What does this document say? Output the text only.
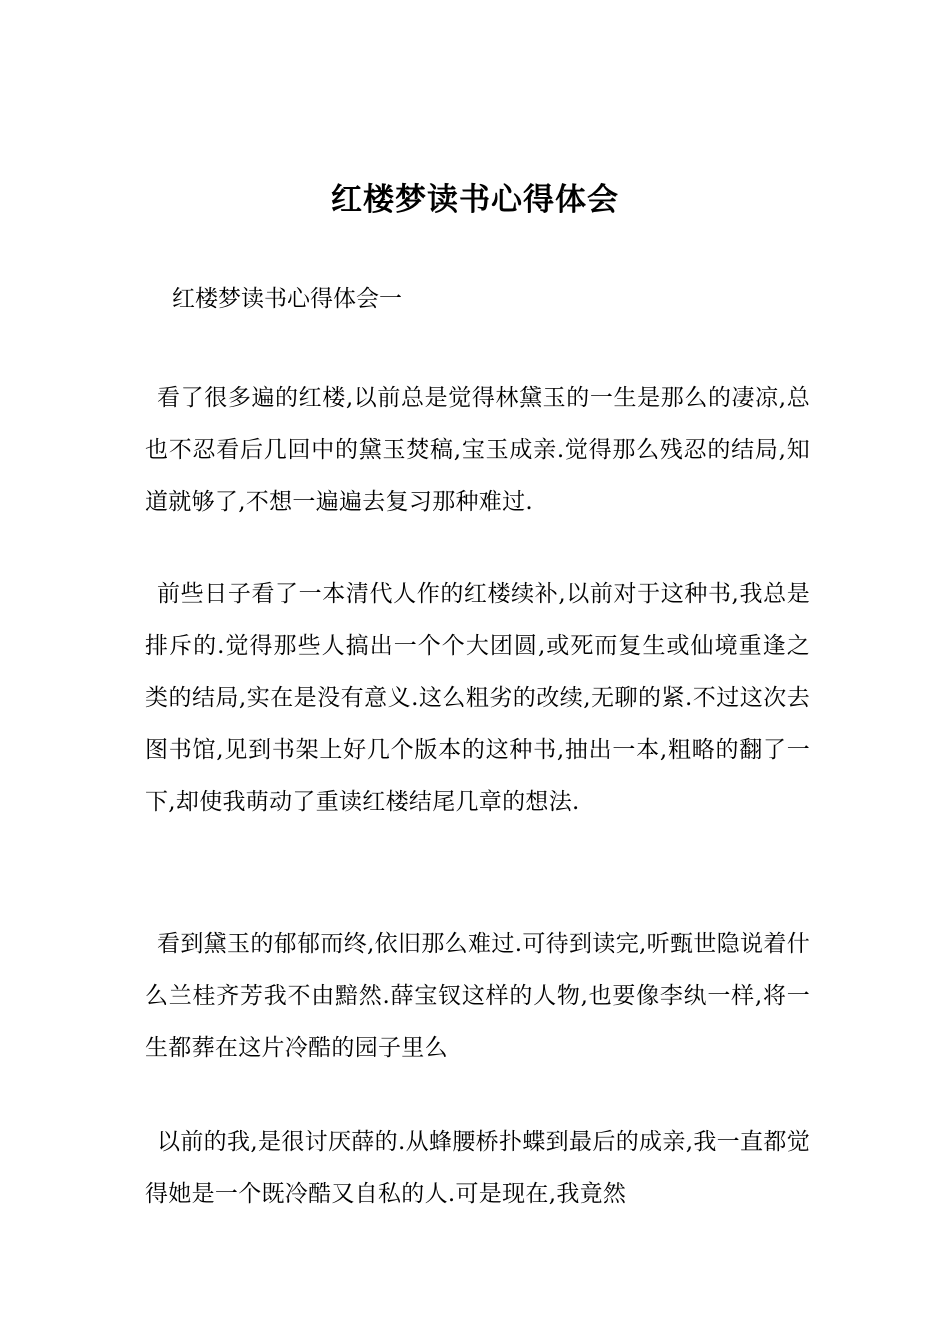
红楼梦读书心得体会
红楼梦读书心得体会一

看了很多遍的红楼,以前总是觉得林黛玉的一生是那么的凄凉,总也不忍看后几回中的黛玉焚稿,宝玉成亲.觉得那么残忍的结局,知道就够了,不想一遍遍去复习那种难过.

前些日子看了一本清代人作的红楼续补,以前对于这种书,我总是排斥的.觉得那些人搞出一个个大团圆,或死而复生或仙境重逢之类的结局,实在是没有意义.这么粗劣的改续,无聊的紧.不过这次去图书馆,见到书架上好几个版本的这种书,抽出一本,粗略的翻了一下,却使我萌动了重读红楼结尾几章的想法.

看到黛玉的郁郁而终,依旧那么难过.可待到读完,听甄世隐说着什么兰桂齐芳我不由黯然.薛宝钗这样的人物,也要像李纨一样,将一生都葬在这片冷酷的园子里么

以前的我,是很讨厌薛的.从蜂腰桥扑蝶到最后的成亲,我一直都觉得她是一个既冷酷又自私的人.可是现在,我竟然
